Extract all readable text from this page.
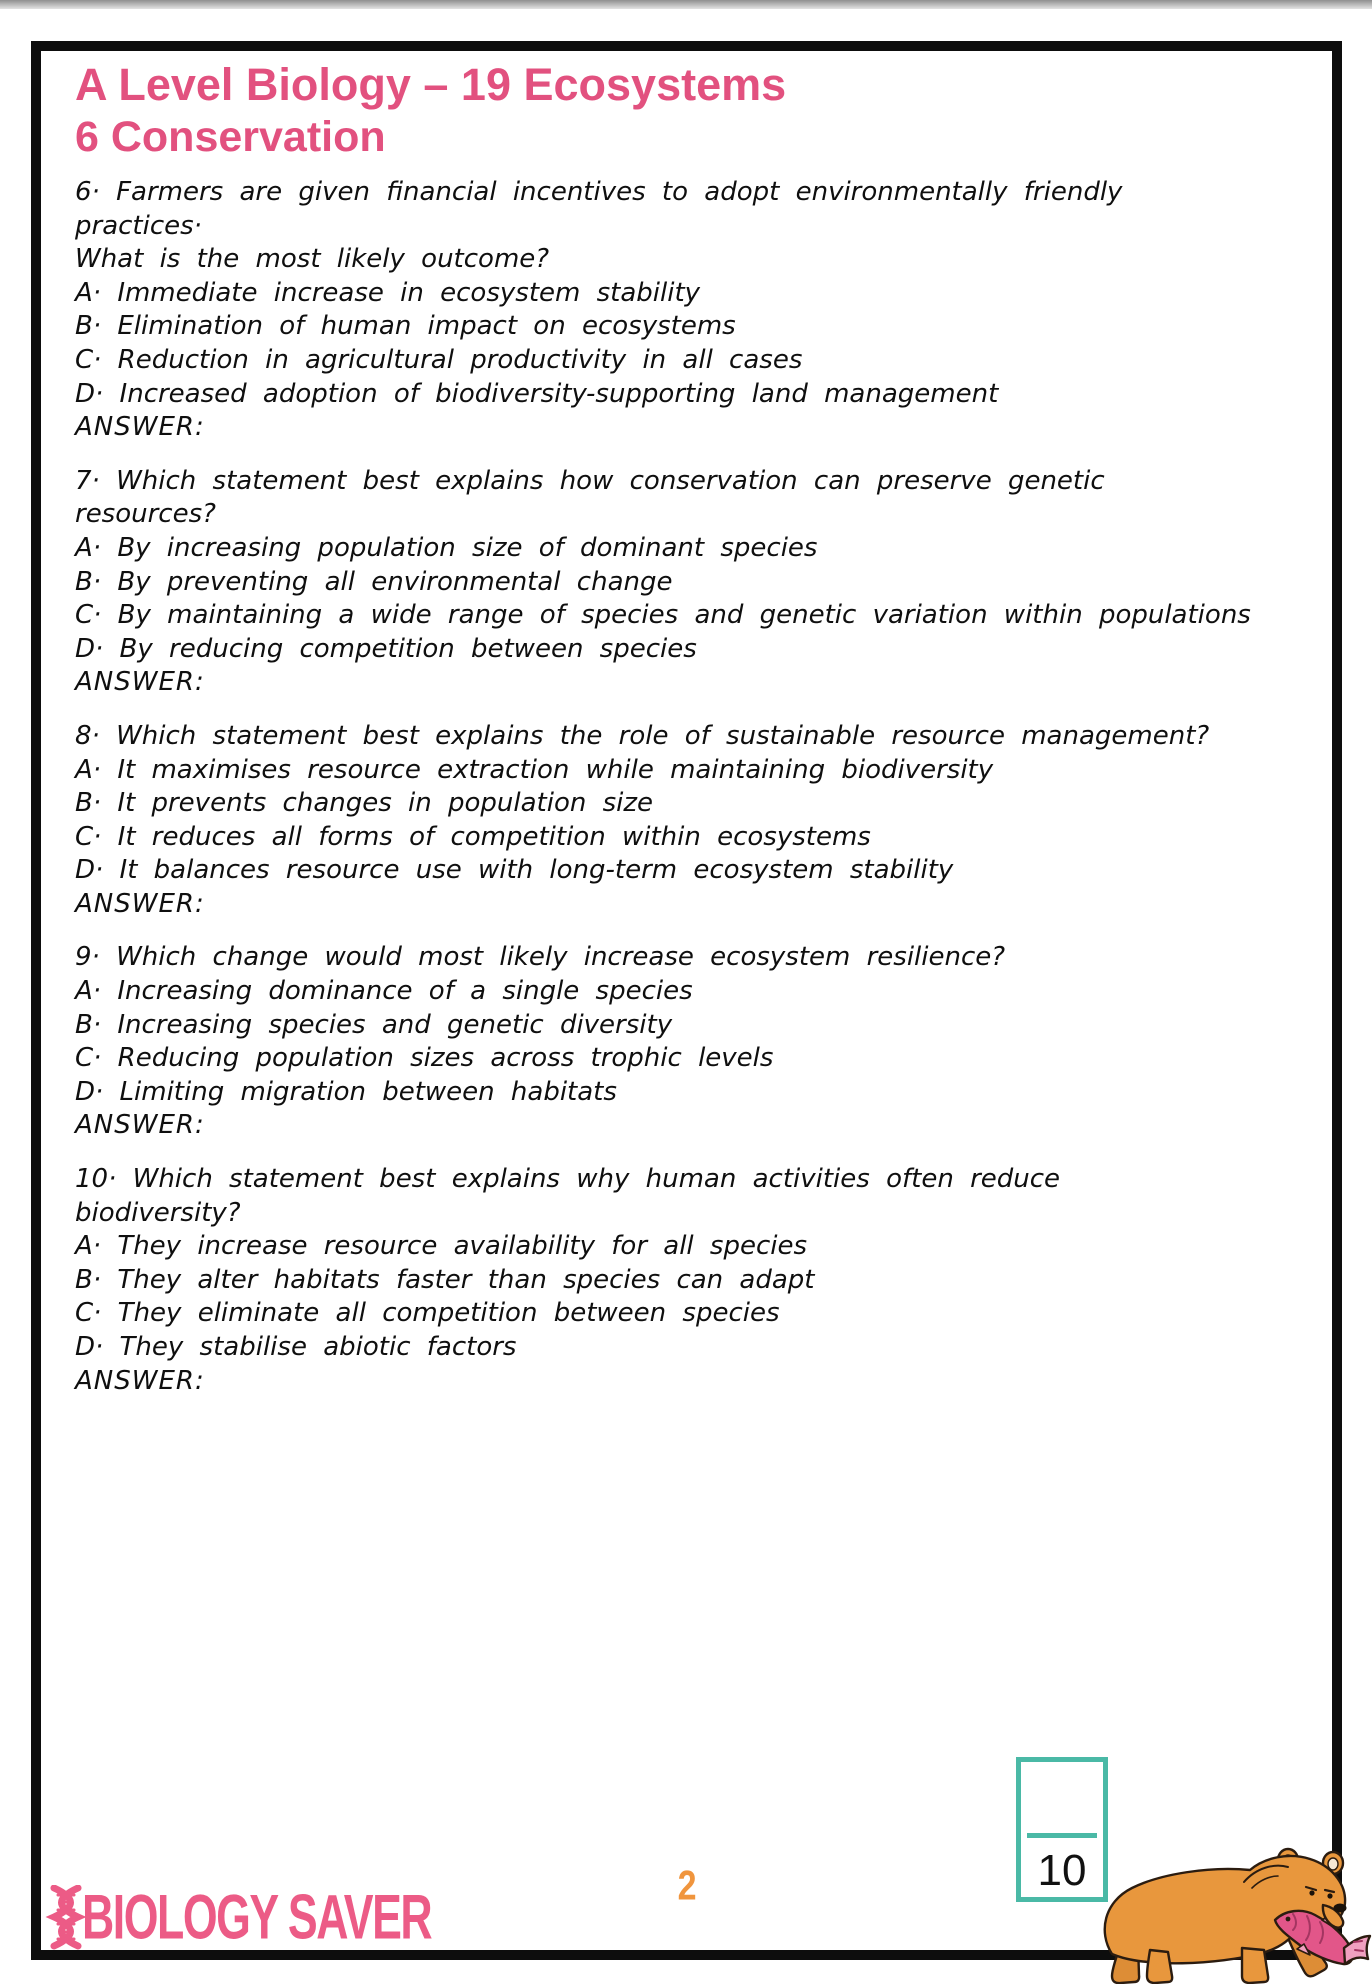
A Level Biology – 19 Ecosystems
6 Conservation
6· Farmers are given financial incentives to adopt environmentally friendly
practices·
What is the most likely outcome?
A· Immediate increase in ecosystem stability
B· Elimination of human impact on ecosystems
C· Reduction in agricultural productivity in all cases
D· Increased adoption of biodiversity-supporting land management
ANSWER:
7· Which statement best explains how conservation can preserve genetic
resources?
A· By increasing population size of dominant species
B· By preventing all environmental change
C· By maintaining a wide range of species and genetic variation within populations
D· By reducing competition between species
ANSWER:
8· Which statement best explains the role of sustainable resource management?
A· It maximises resource extraction while maintaining biodiversity
B· It prevents changes in population size
C· It reduces all forms of competition within ecosystems
D· It balances resource use with long-term ecosystem stability
ANSWER:
9· Which change would most likely increase ecosystem resilience?
A· Increasing dominance of a single species
B· Increasing species and genetic diversity
C· Reducing population sizes across trophic levels
D· Limiting migration between habitats
ANSWER:
10· Which statement best explains why human activities often reduce
biodiversity?
A· They increase resource availability for all species
B· They alter habitats faster than species can adapt
C· They eliminate all competition between species
D· They stabilise abiotic factors
ANSWER:
BIOLOGY SAVER	2	10
